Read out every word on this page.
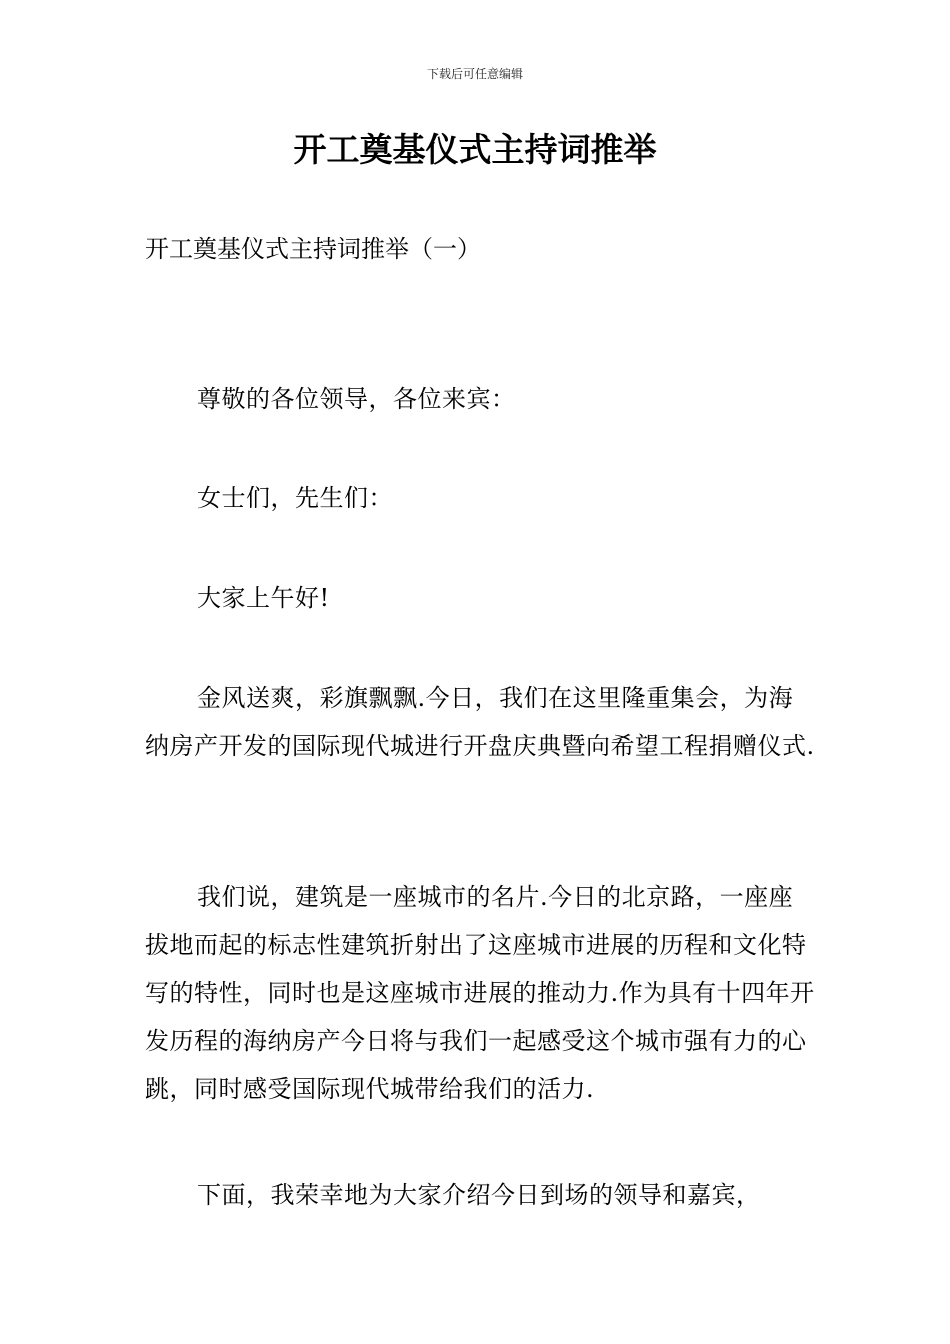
下载后可任意编辑
开工奠基仪式主持词推举
开工奠基仪式主持词推举（一）

尊敬的各位领导，各位来宾：

女士们，先生们：

大家上午好!

金风送爽，彩旗飘飘.今日，我们在这里隆重集会，为海纳房产开发的国际现代城进行开盘庆典暨向希望工程捐赠仪式.

我们说，建筑是一座城市的名片.今日的北京路，一座座拔地而起的标志性建筑折射出了这座城市进展的历程和文化特写的特性，同时也是这座城市进展的推动力.作为具有十四年开发历程的海纳房产今日将与我们一起感受这个城市强有力的心跳，同时感受国际现代城带给我们的活力.

下面，我荣幸地为大家介绍今日到场的领导和嘉宾，
